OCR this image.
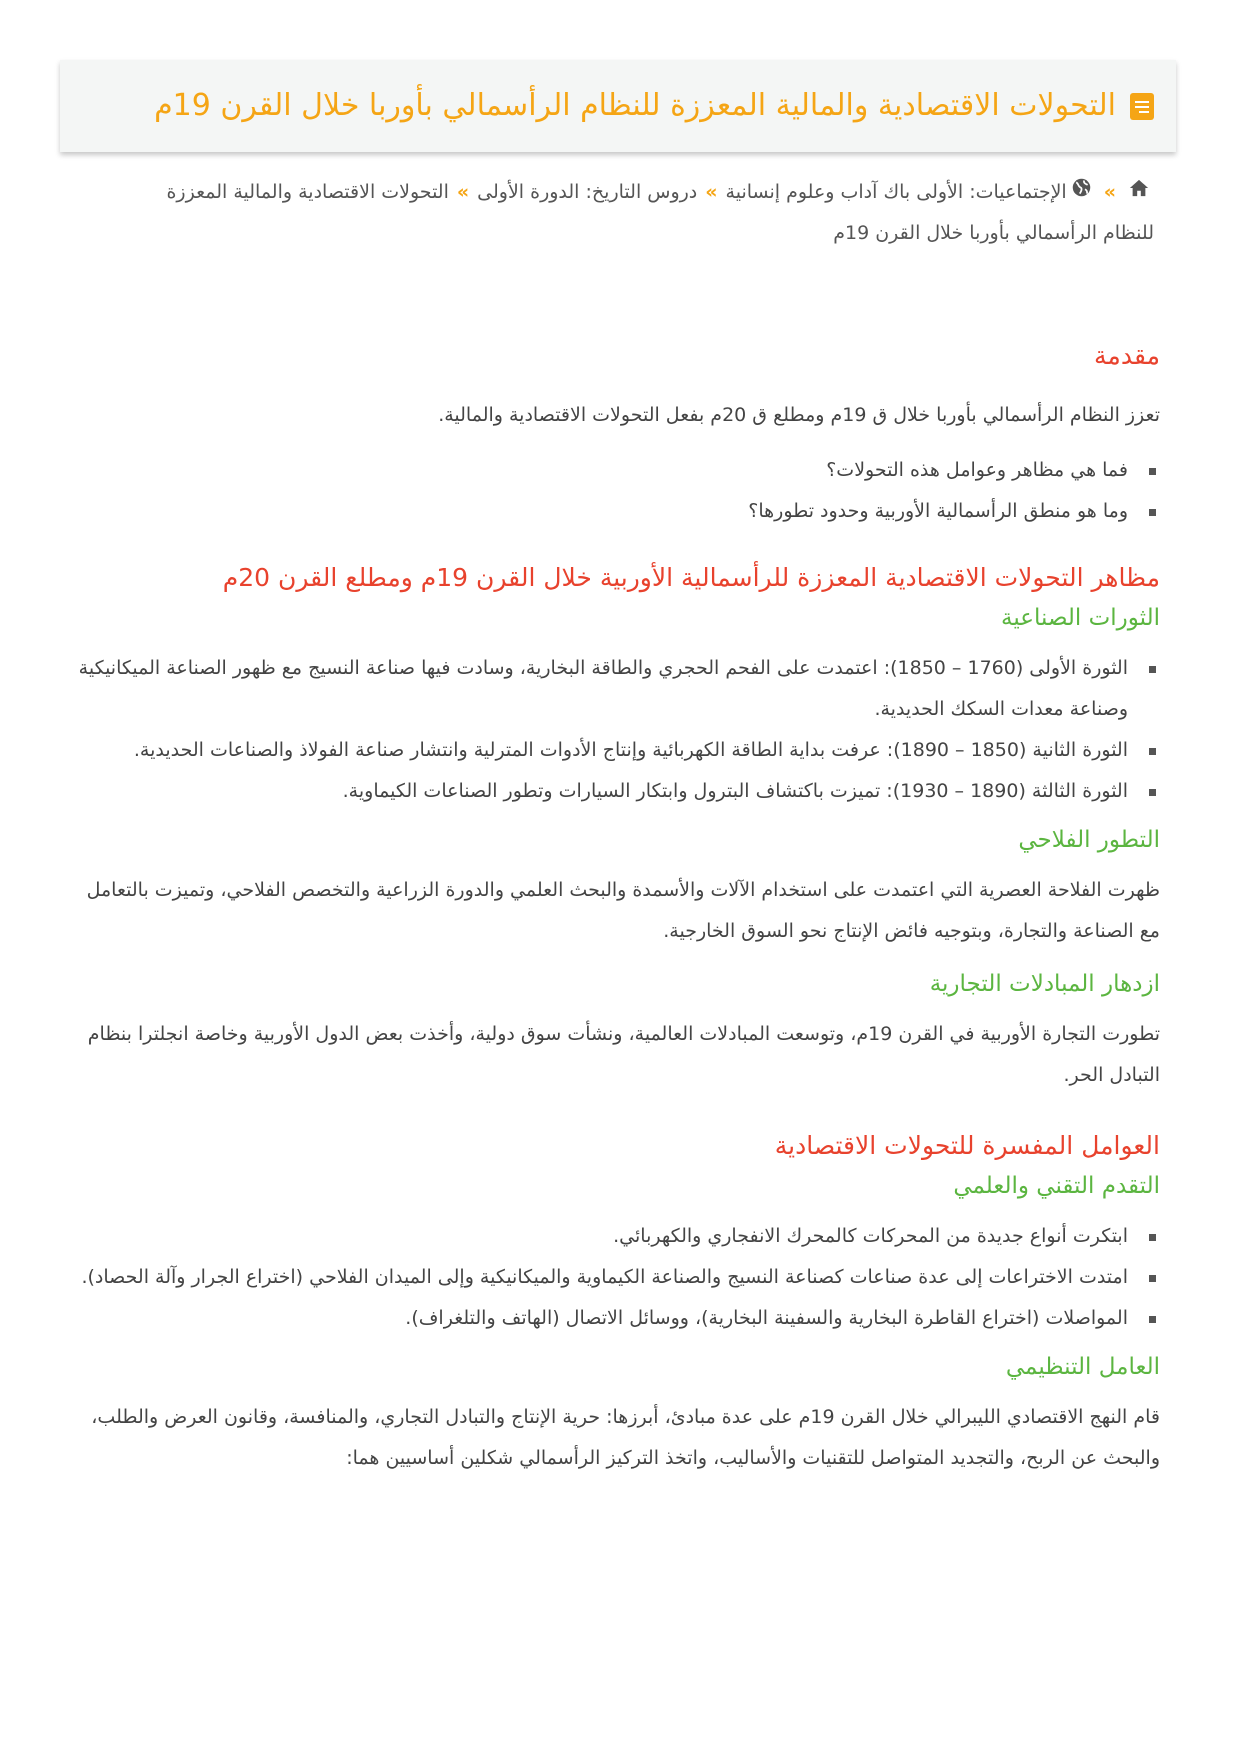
التحولات الاقتصادية والمالية المعززة للنظام الرأسمالي بأوربا خلال القرن 19م
»الإجتماعيات: الأولى باك آداب وعلوم إنسانية»دروس التاريخ: الدورة الأولى»التحولات الاقتصادية والمالية المعززة للنظام الرأسمالي بأوربا خلال القرن 19م
مقدمة

تعزز النظام الرأسمالي بأوربا خلال ق 19م ومطلع ق 20م بفعل التحولات الاقتصادية والمالية.

فما هي مظاهر وعوامل هذه التحولات؟
وما هو منطق الرأسمالية الأوربية وحدود تطورها؟
مظاهر التحولات الاقتصادية المعززة للرأسمالية الأوربية خلال القرن 19م ومطلع القرن 20م
الثورات الصناعية
الثورة الأولى (1760 – 1850): اعتمدت على الفحم الحجري والطاقة البخارية، وسادت فيها صناعة النسيج مع ظهور الصناعة الميكانيكية وصناعة معدات السكك الحديدية.
الثورة الثانية (1850 – 1890): عرفت بداية الطاقة الكهربائية وإنتاج الأدوات المترلية وانتشار صناعة الفولاذ والصناعات الحديدية.
الثورة الثالثة (1890 – 1930): تميزت باكتشاف البترول وابتكار السيارات وتطور الصناعات الكيماوية.
التطور الفلاحي

ظهرت الفلاحة العصرية التي اعتمدت على استخدام الآلات والأسمدة والبحث العلمي والدورة الزراعية والتخصص الفلاحي، وتميزت بالتعامل مع الصناعة والتجارة، وبتوجيه فائض الإنتاج نحو السوق الخارجية.

ازدهار المبادلات التجارية

تطورت التجارة الأوربية في القرن 19م، وتوسعت المبادلات العالمية، ونشأت سوق دولية، وأخذت بعض الدول الأوربية وخاصة انجلترا بنظام التبادل الحر.

العوامل المفسرة للتحولات الاقتصادية
التقدم التقني والعلمي
ابتكرت أنواع جديدة من المحركات كالمحرك الانفجاري والكهربائي.
امتدت الاختراعات إلى عدة صناعات كصناعة النسيج والصناعة الكيماوية والميكانيكية وإلى الميدان الفلاحي (اختراع الجرار وآلة الحصاد).
المواصلات (اختراع القاطرة البخارية والسفينة البخارية)، ووسائل الاتصال (الهاتف والتلغراف).
العامل التنظيمي

قام النهج الاقتصادي الليبرالي خلال القرن 19م على عدة مبادئ، أبرزها: حرية الإنتاج والتبادل التجاري، والمنافسة، وقانون العرض والطلب، والبحث عن الربح، والتجديد المتواصل للتقنيات والأساليب، واتخذ التركيز الرأسمالي شكلين أساسيين هما:
